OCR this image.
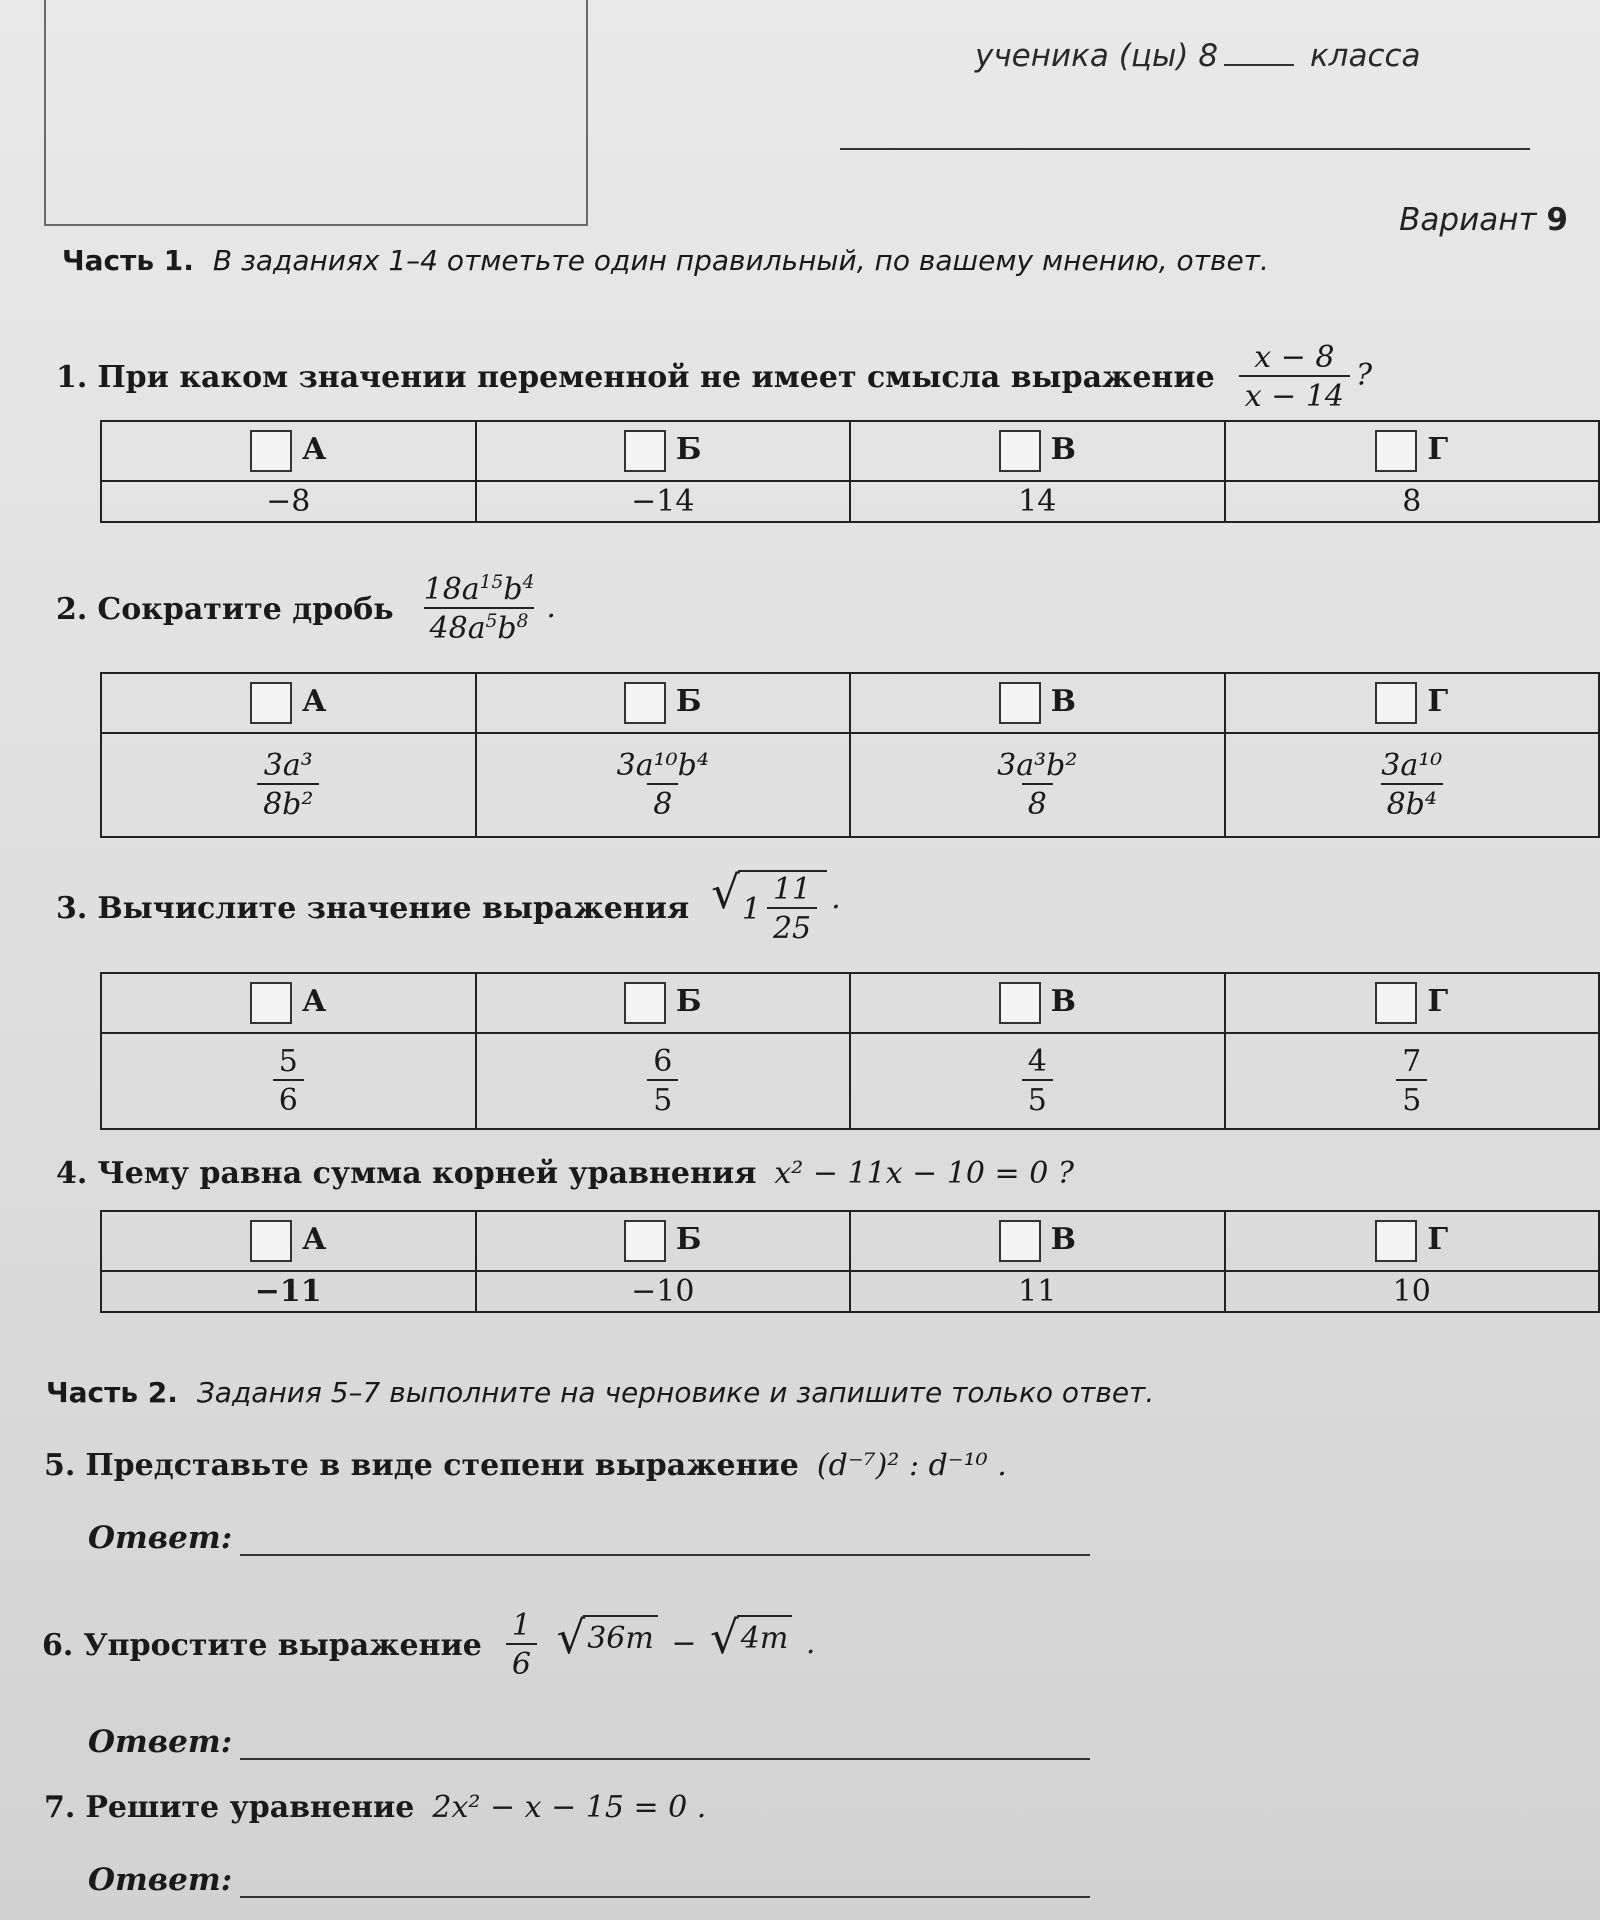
ученика (цы) 8	класса
Вариант 9
Часть 1. В заданиях 1–4 отметьте один правильный, по вашему мнению, ответ.
1. При каком значении переменной не имеет смысла выражение $\frac{x - 8}{x - 14}$ ?
А	Б	В	Г
−8	−14	14	8
2. Сократите дробь $\frac{18a^{15}b^4}{48a^5b^8}$ .
А	Б	В	Г

$\frac{\text{3a³}}{\text{8b²}}$	$\frac{\text{3a¹⁰b⁴}}{8}$	$\frac{\text{3a³b²}}{8}$	$\frac{\text{3a¹⁰}}{\text{8b⁴}}$
3. Вычислите значение выражения √ $1 \frac{11}{25}$ .
А	Б	В	Г

$\frac{5}{6}$	$\frac{6}{5}$	$\frac{4}{5}$	$\frac{7}{5}$
4. Чему равна сумма корней уравнения x² − 11x − 10 = 0 ?
А	Б	В	Г
−11	−10	11	10
Часть 2. Задания 5–7 выполните на черновике и запишите только ответ.
5. Представьте в виде степени выражение (d⁻⁷)² : d⁻¹⁰ .
Ответ:
6. Упростите выражение $\frac{1}{6}$
√ 36m − √ 4m .
Ответ:
7. Решите уравнение 2x² − x − 15 = 0 .
Ответ:
